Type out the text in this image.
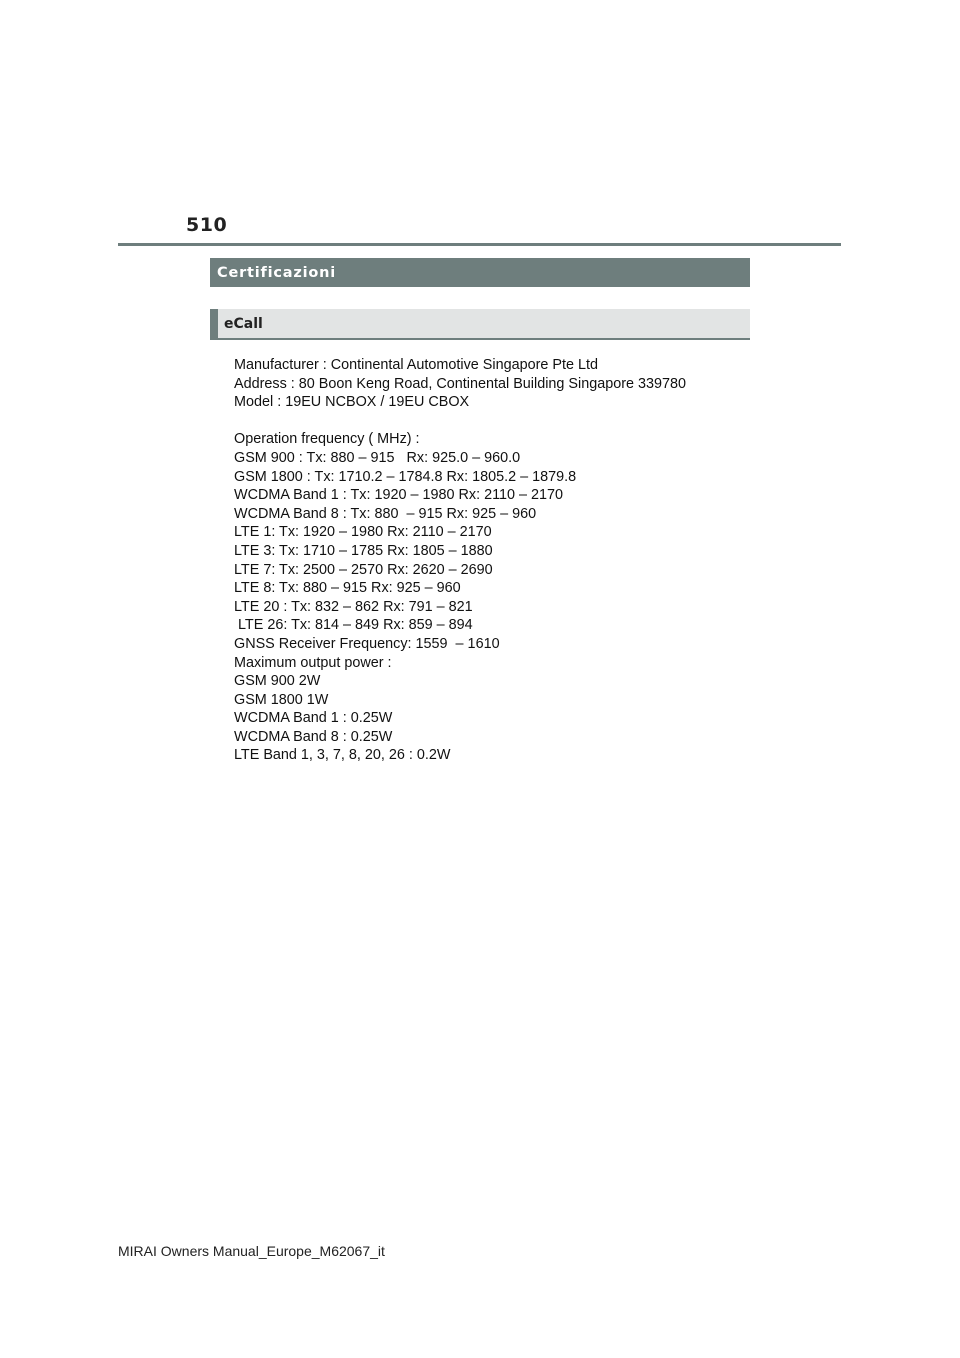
510
Certificazioni
eCall
Manufacturer : Continental Automotive Singapore Pte Ltd
Address : 80 Boon Keng Road, Continental Building Singapore 339780
Model : 19EU NCBOX / 19EU CBOX
Operation frequency ( MHz) :
GSM 900 : Tx: 880 – 915   Rx: 925.0 – 960.0
GSM 1800 : Tx: 1710.2 – 1784.8 Rx: 1805.2 – 1879.8
WCDMA Band 1 : Tx: 1920 – 1980 Rx: 2110 – 2170
WCDMA Band 8 : Tx: 880  – 915 Rx: 925 – 960
LTE 1: Tx: 1920 – 1980 Rx: 2110 – 2170
LTE 3: Tx: 1710 – 1785 Rx: 1805 – 1880
LTE 7: Tx: 2500 – 2570 Rx: 2620 – 2690
LTE 8: Tx: 880 – 915 Rx: 925 – 960
LTE 20 : Tx: 832 – 862 Rx: 791 – 821
LTE 26: Tx: 814 – 849 Rx: 859 – 894
GNSS Receiver Frequency: 1559  – 1610
Maximum output power :
GSM 900 2W
GSM 1800 1W
WCDMA Band 1 : 0.25W
WCDMA Band 8 : 0.25W
LTE Band 1, 3, 7, 8, 20, 26 : 0.2W
MIRAI Owners Manual_Europe_M62067_it
